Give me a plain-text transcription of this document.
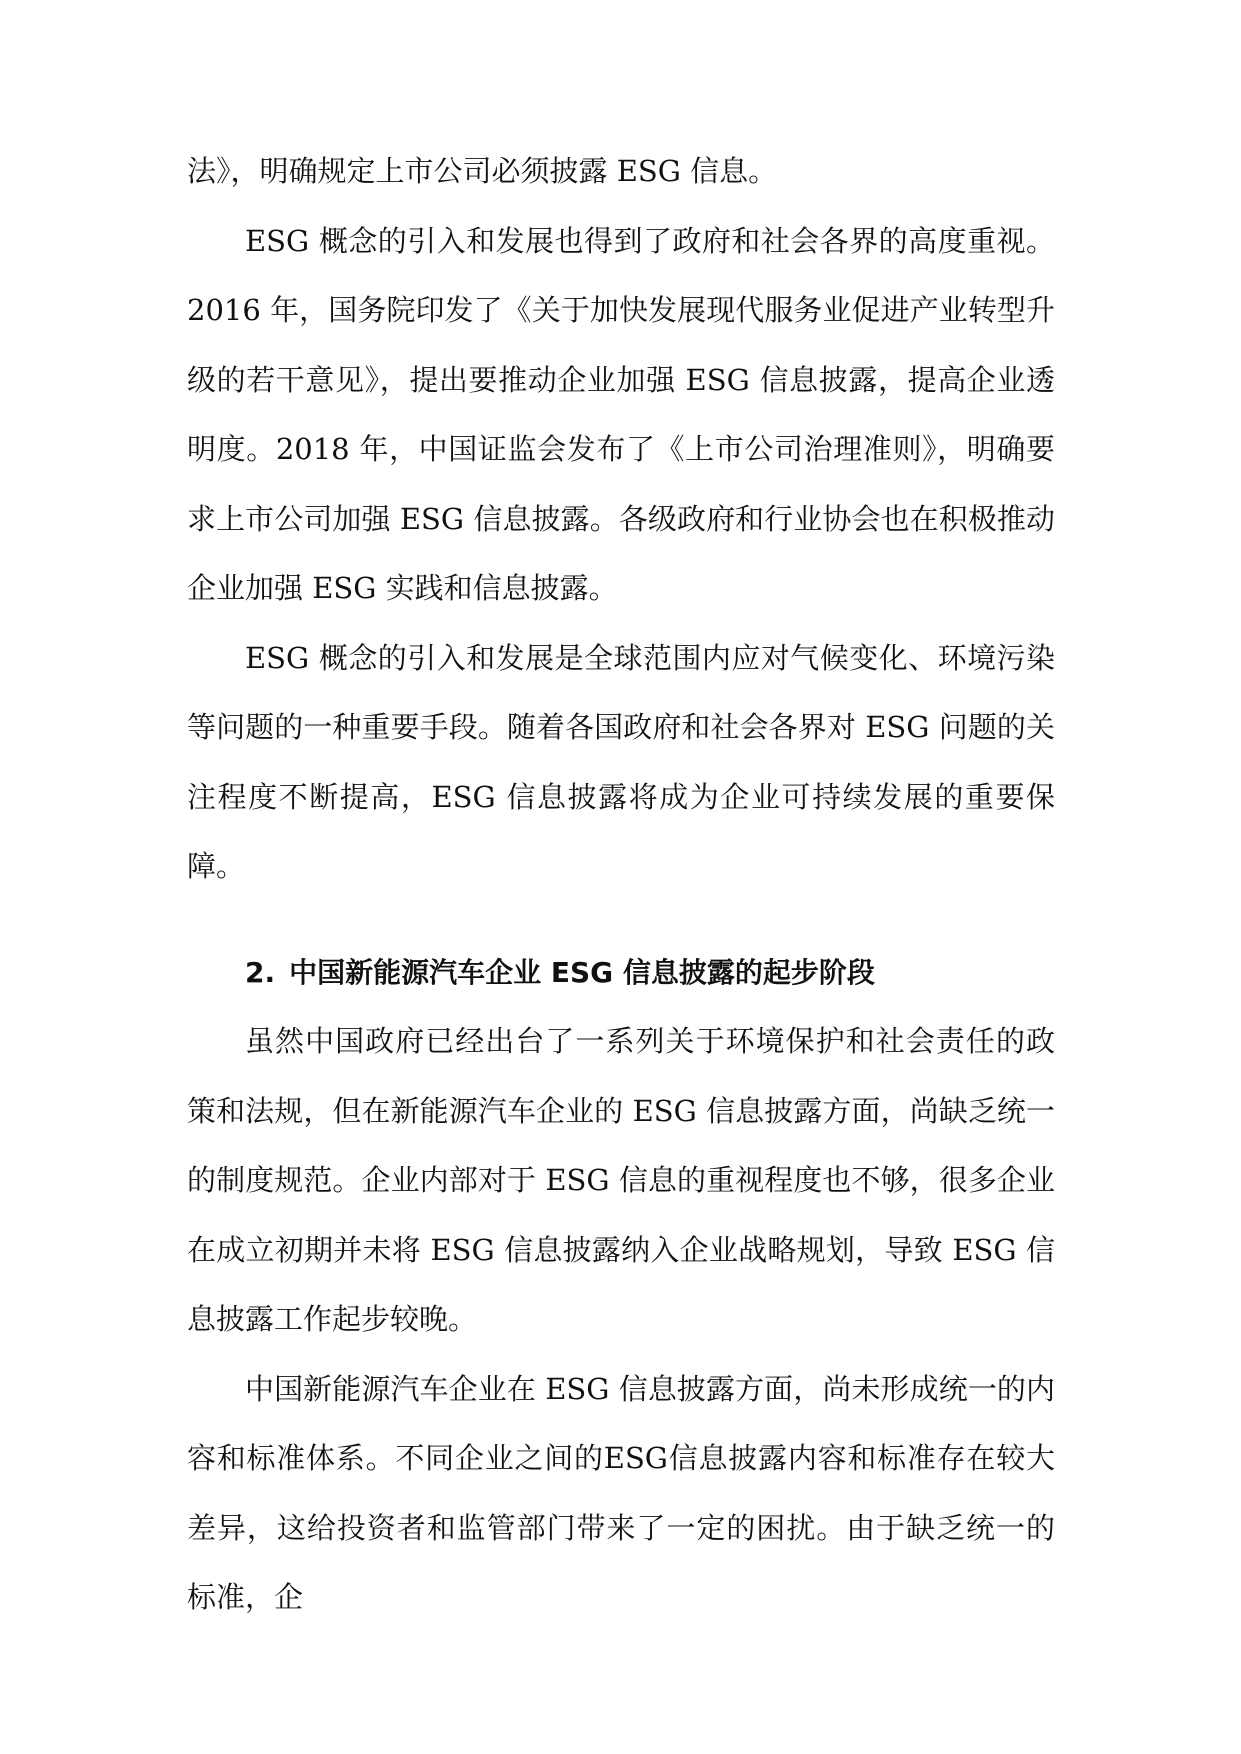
法》，明确规定上市公司必须披露 ESG 信息。

ESG 概念的引入和发展也得到了政府和社会各界的高度重视。2016 年，国务院印发了《关于加快发展现代服务业促进产业转型升级的若干意见》，提出要推动企业加强 ESG 信息披露，提高企业透明度。2018 年，中国证监会发布了《上市公司治理准则》，明确要求上市公司加强 ESG 信息披露。各级政府和行业协会也在积极推动企业加强 ESG 实践和信息披露。

ESG 概念的引入和发展是全球范围内应对气候变化、环境污染等问题的一种重要手段。随着各国政府和社会各界对 ESG 问题的关注程度不断提高，ESG 信息披露将成为企业可持续发展的重要保障。

2. 中国新能源汽车企业 ESG 信息披露的起步阶段

虽然中国政府已经出台了一系列关于环境保护和社会责任的政策和法规，但在新能源汽车企业的 ESG 信息披露方面，尚缺乏统一的制度规范。企业内部对于 ESG 信息的重视程度也不够，很多企业在成立初期并未将 ESG 信息披露纳入企业战略规划，导致 ESG 信息披露工作起步较晚。

中国新能源汽车企业在 ESG 信息披露方面，尚未形成统一的内容和标准体系。不同企业之间的ESG信息披露内容和标准存在较大差异，这给投资者和监管部门带来了一定的困扰。由于缺乏统一的标准，企
